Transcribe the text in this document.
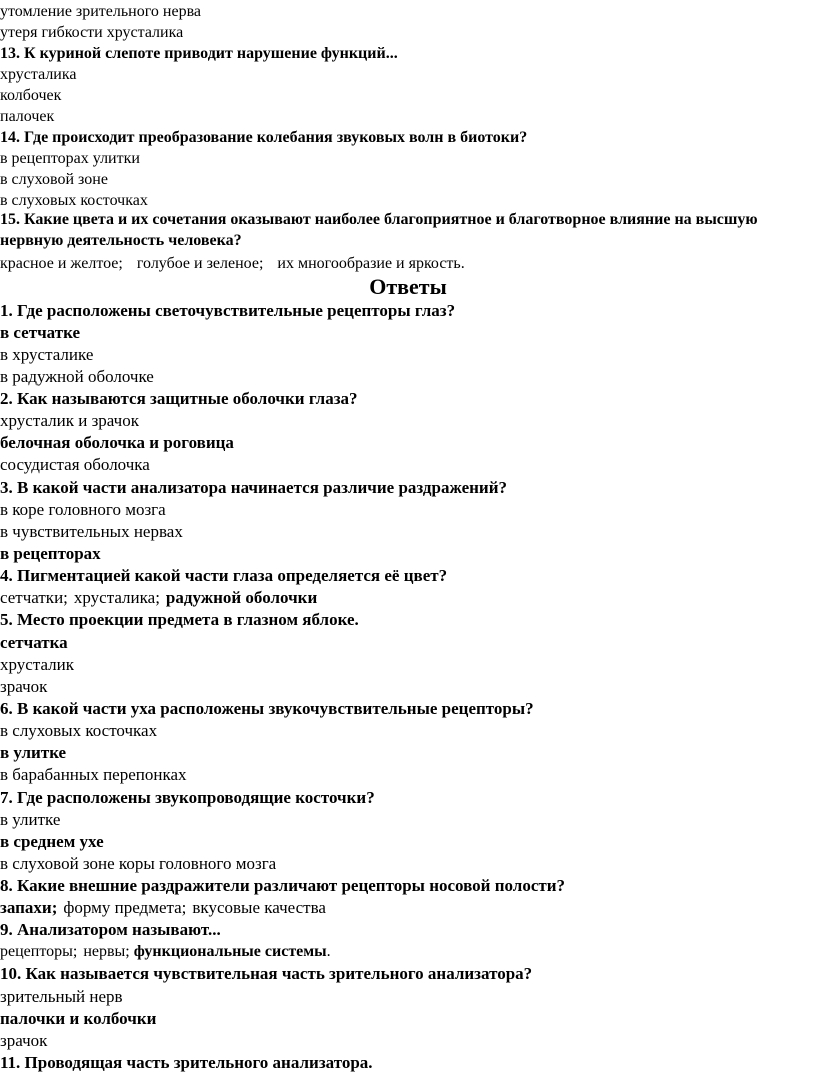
утомление зрительного нерва
утеря гибкости хрусталика
13. К куриной слепоте приводит нарушение функций...
хрусталика
колбочек
палочек
14. Где происходит преобразование колебания звуковых волн в биотоки?
в рецепторах улитки
в слуховой зоне
в слуховых косточках
15. Какие цвета и их сочетания оказывают наиболее благоприятное и благотворное влияние на высшую нервную деятельность человека?
красное и желтое; голубое и зеленое; их многообразие и яркость.
Ответы
1. Где расположены светочувствительные рецепторы глаз?
в сетчатке
в хрусталике
в радужной оболочке
2. Как называются защитные оболочки глаза?
хрусталик и зрачок
белочная оболочка и роговица
сосудистая оболочка
3. В какой части анализатора начинается различие раздражений?
в коре головного мозга
в чувствительных нервах
в рецепторах
4. Пигментацией какой части глаза определяется её цвет?
сетчатки; хрусталика; радужной оболочки
5. Место проекции предмета в глазном яблоке.
сетчатка
хрусталик
зрачок
6. В какой части уха расположены звукочувствительные рецепторы?
в слуховых косточках
в улитке
в барабанных перепонках
7. Где расположены звукопроводящие косточки?
в улитке
в среднем ухе
в слуховой зоне коры головного мозга
8. Какие внешние раздражители различают рецепторы носовой полости?
запахи; форму предмета; вкусовые качества
9. Анализатором называют...
рецепторы; нервы; функциональные системы.
10. Как называется чувствительная часть зрительного анализатора?
зрительный нерв
палочки и колбочки
зрачок
11. Проводящая часть зрительного анализатора.
